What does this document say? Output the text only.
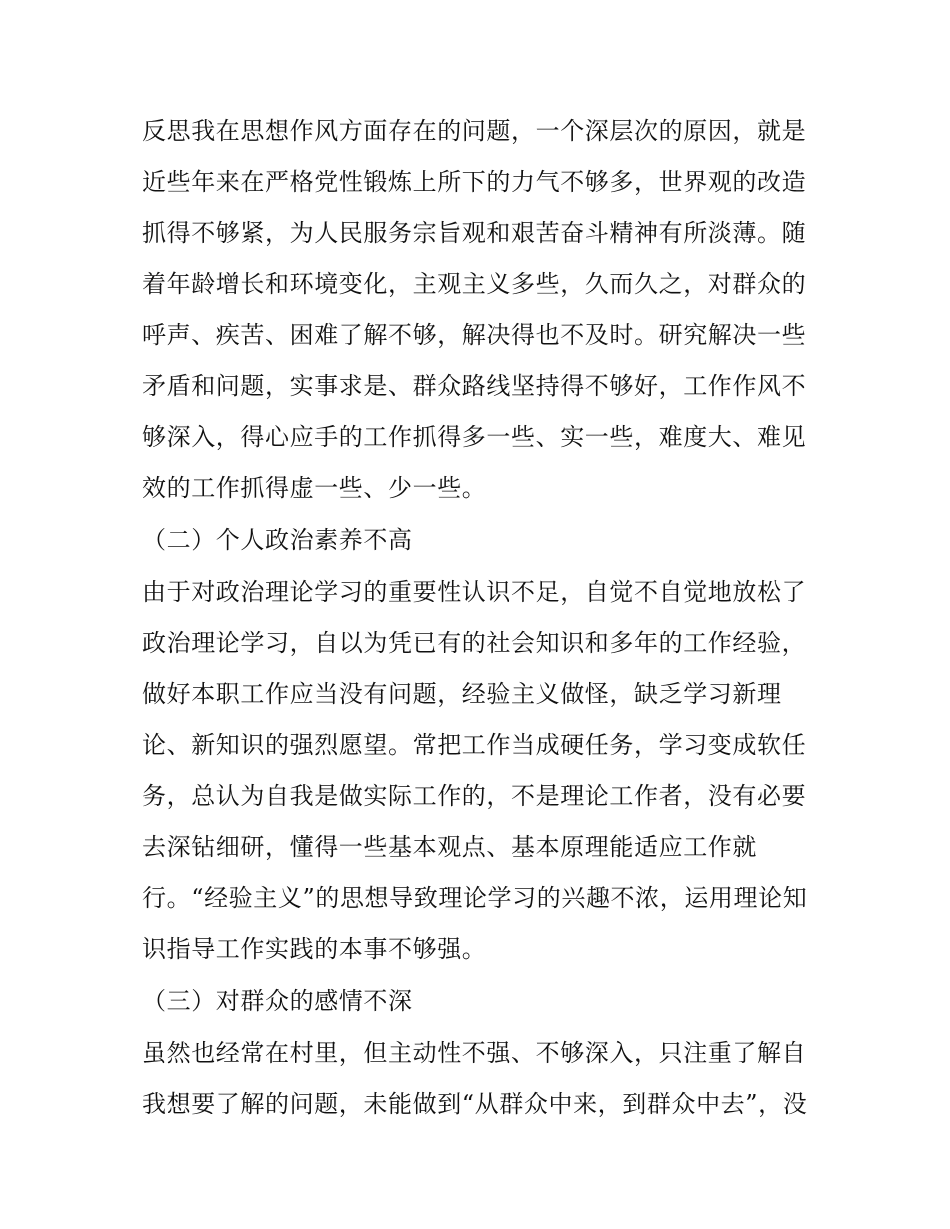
反思我在思想作风方面存在的问题，一个深层次的原因，就是
近些年来在严格党性锻炼上所下的力气不够多，世界观的改造
抓得不够紧，为人民服务宗旨观和艰苦奋斗精神有所淡薄。随
着年龄增长和环境变化，主观主义多些，久而久之，对群众的
呼声、疾苦、困难了解不够，解决得也不及时。研究解决一些
矛盾和问题，实事求是、群众路线坚持得不够好，工作作风不
够深入，得心应手的工作抓得多一些、实一些，难度大、难见
效的工作抓得虚一些、少一些。
（二）个人政治素养不高
由于对政治理论学习的重要性认识不足，自觉不自觉地放松了
政治理论学习，自以为凭已有的社会知识和多年的工作经验，
做好本职工作应当没有问题，经验主义做怪，缺乏学习新理
论、新知识的强烈愿望。常把工作当成硬任务，学习变成软任
务，总认为自我是做实际工作的，不是理论工作者，没有必要
去深钻细研，懂得一些基本观点、基本原理能适应工作就
行。“经验主义”的思想导致理论学习的兴趣不浓，运用理论知
识指导工作实践的本事不够强。
（三）对群众的感情不深
虽然也经常在村里，但主动性不强、不够深入，只注重了解自
我想要了解的问题，未能做到“从群众中来，到群众中去”，没
